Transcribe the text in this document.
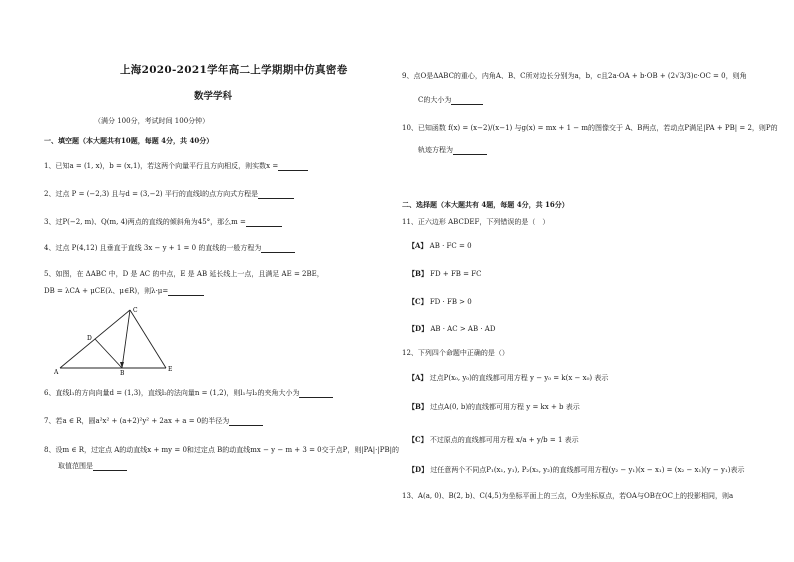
上海2020-2021学年高二上学期期中仿真密卷
数学学科
（满分 100分，考试时间 100分钟）
一、填空题（本大题共有10题，每题 4分，共 40分）
1、已知a = (1, x)，b = (x,1)，若这两个向量平行且方向相反，则实数x =
2、过点 P = (−2,3) 且与d = (3,−2) 平行的直线l的点方向式方程是
3、过P(−2, m)、Q(m, 4)两点的直线的倾斜角为45°，那么m =
4、过点 P(4,12) 且垂直于直线 3x − y + 1 = 0 的直线的一般方程为
5、如图，在 ΔABC 中，D 是 AC 的中点，E 是 AB 延长线上一点，且满足 AE = 2BE，
DB = λCA + μCE(λ、μ∈R)，则λ·μ=
A	B
C
D
E
6、直线l₁的方向向量d = (1,3)，直线l₂的法向量n = (1,2)，则l₁与l₂的夹角大小为
7、若a ∈ R，圆a²x² + (a+2)²y² + 2ax + a = 0的半径为
8、设m ∈ R，过定点 A的动直线x + my = 0和过定点 B的动直线mx − y − m + 3 = 0交于点P，则|PA|·|PB|的
取值范围是
9、点O是ΔABC的重心，内角A、B、C所对边长分别为a，b，c且2a·OA + b·OB + (2√3/3)c·OC = 0，则角
C的大小为
10、已知函数 f(x) = (x−2)/(x−1) 与g(x) = mx + 1 − m的图像交于 A、B两点，若动点P满足|PA + PB| = 2，则P的
轨迹方程为
二、选择题（本大题共有 4题，每题 4分，共 16分）
11、正六边形 ABCDEF，下列错误的是（　）
【A】 AB · FC = 0
【B】 FD + FB = FC
【C】 FD · FB > 0
【D】 AB · AC > AB · AD
12、下列四个命题中正确的是（）
【A】 过点P(x₀, y₀)的直线都可用方程 y − y₀ = k(x − x₀) 表示
【B】 过点A(0, b)的直线都可用方程 y = kx + b 表示
【C】 不过原点的直线都可用方程 x/a + y/b = 1 表示
【D】 过任意两个不同点P₁(x₁, y₁), P₂(x₂, y₂)的直线都可用方程(y₂ − y₁)(x − x₁) = (x₂ − x₁)(y − y₁)表示
13、A(a, 0)、B(2, b)、C(4,5)为坐标平面上的三点，O为坐标原点，若OA与OB在OC上的投影相同，则a
